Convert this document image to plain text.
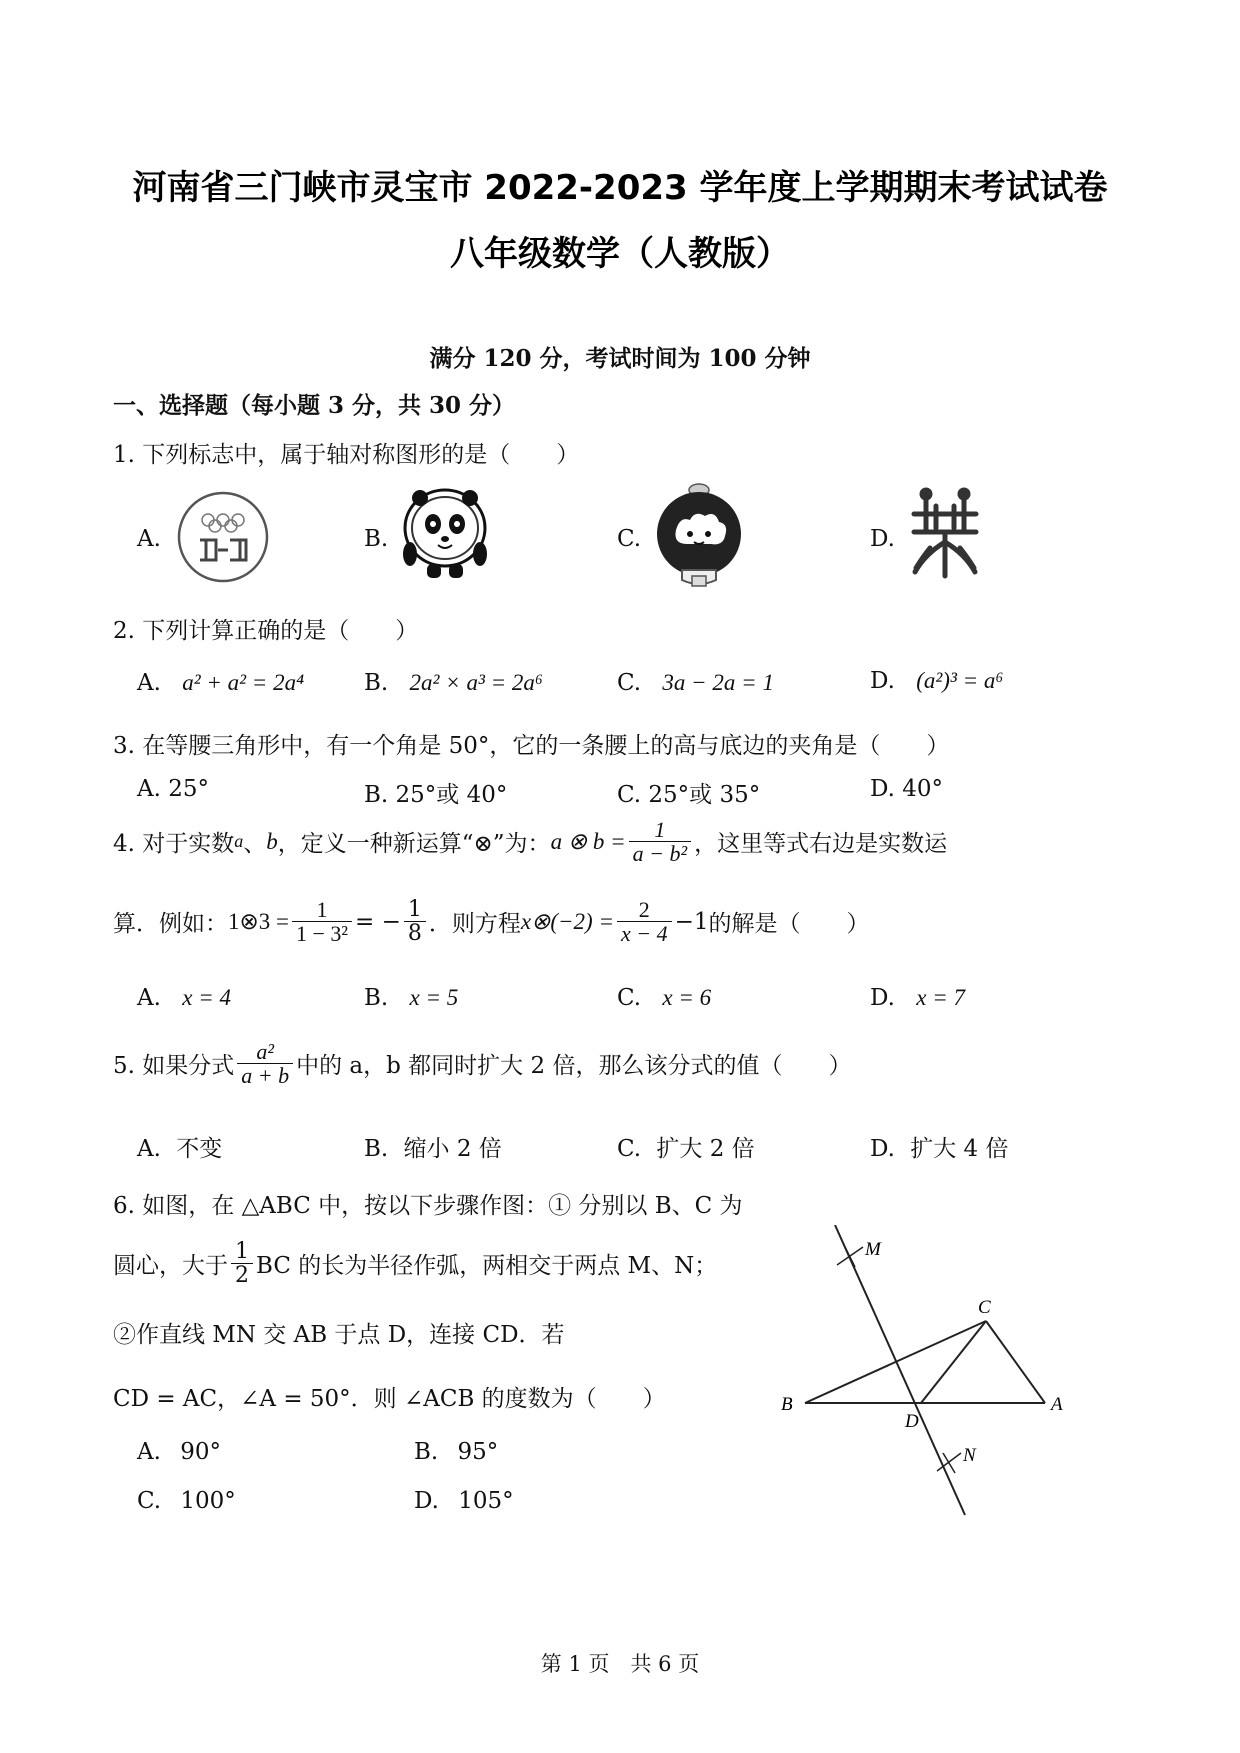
河南省三门峡市灵宝市 2022-2023 学年度上学期期末考试试卷
八年级数学（人教版）
满分 120 分，考试时间为 100 分钟
一、选择题（每小题 3 分，共 30 分）
1. 下列标志中，属于轴对称图形的是（　　）
A.	B.	C.	D.
2. 下列计算正确的是（　　）
A. a² + a² = 2a⁴	B. 2a² × a³ = 2a⁶	C. 3a − 2a = 1	D. (a²)³ = a⁶
3. 在等腰三角形中，有一个角是 50°，它的一条腰上的高与底边的夹角是（　　）
A. 25°	B. 25°或 40°	C. 25°或 35°	D. 40°
4. 对于实数 a 、 b ，定义一种新运算“⊗”为： a ⊗ $b = \frac{1}{\text{a − b²}}$ ，这里等式右边是实数运
算．例如： 1⊗3 = $\frac{1}{\text{1 − 3²}}$ = − $\frac{1}{8}$ ．则方程 x⊗(−2) = $\frac{2}{x - 4} -1$ 的解是（　　）
A. x = 4	B. x = 5	C. x = 6	D. x = 7
5. 如果分式 $\frac{\text{a²}}{a + b}$ 中的 a，b 都同时扩大 2 倍，那么该分式的值（　　）
A. 不变	B. 缩小 2 倍	C. 扩大 2 倍	D. 扩大 4 倍
6. 如图，在 △ABC 中，按以下步骤作图：① 分别以 B、C 为
圆心，大于 $\frac{1}{2}$ BC 的长为半径作弧，两相交于两点 M、N；
②作直线 MN 交 AB 于点 D，连接 CD．若
CD = AC，∠A = 50°．则 ∠ACB 的度数为（　　）
A. 90°	B. 95°
C. 100°	D. 105°
M
C
B
D
A
N
第 1 页　共 6 页
